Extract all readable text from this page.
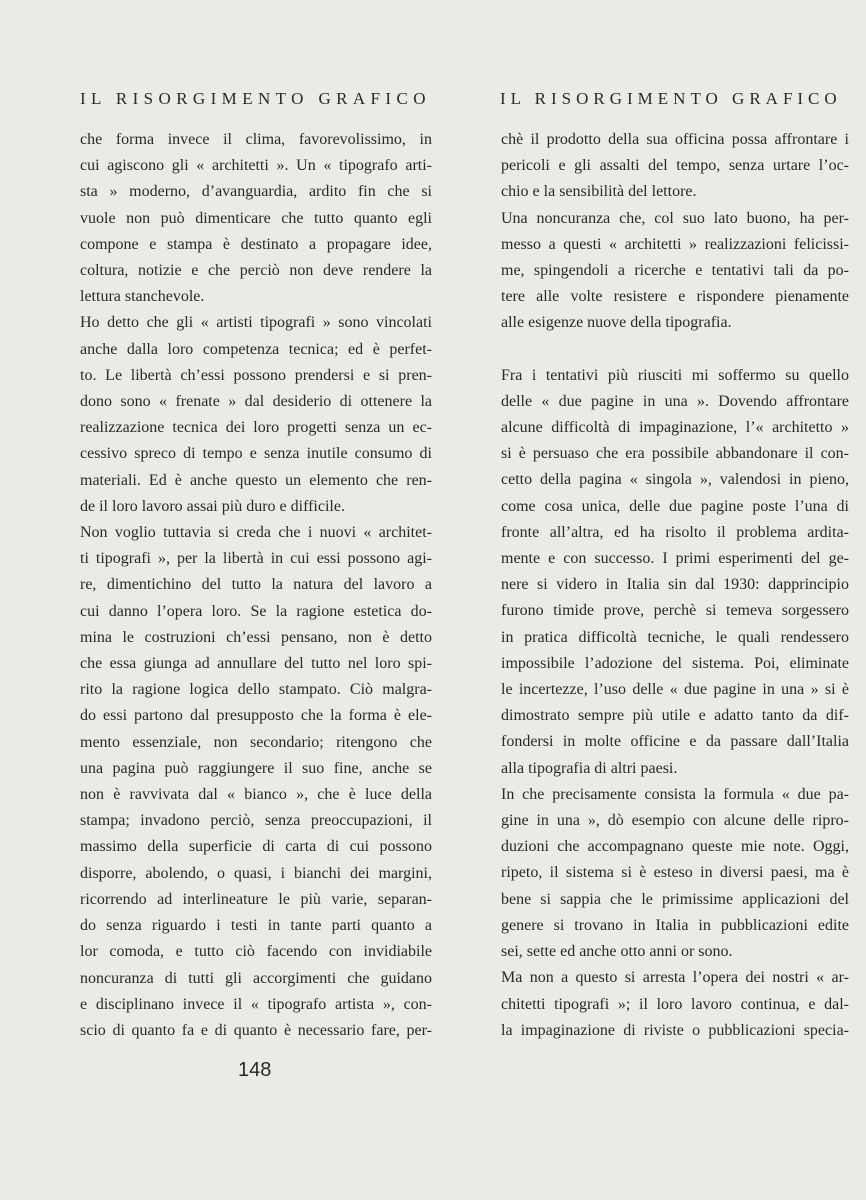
IL RISORGIMENTO GRAFICO	IL RISORGIMENTO GRAFICO
che forma invece il clima, favorevolissimo, in
cui agiscono gli « architetti ». Un « tipografo arti-
sta » moderno, d’avanguardia, ardito fin che si
vuole non può dimenticare che tutto quanto egli
compone e stampa è destinato a propagare idee,
coltura, notizie e che perciò non deve rendere la
lettura stanchevole.
Ho detto che gli « artisti tipografi » sono vincolati
anche dalla loro competenza tecnica; ed è perfet-
to. Le libertà ch’essi possono prendersi e si pren-
dono sono « frenate » dal desiderio di ottenere la
realizzazione tecnica dei loro progetti senza un ec-
cessivo spreco di tempo e senza inutile consumo di
materiali. Ed è anche questo un elemento che ren-
de il loro lavoro assai più duro e difficile.
Non voglio tuttavia si creda che i nuovi « architet-
ti tipografi », per la libertà in cui essi possono agi-
re, dimentichino del tutto la natura del lavoro a
cui danno l’opera loro. Se la ragione estetica do-
mina le costruzioni ch’essi pensano, non è detto
che essa giunga ad annullare del tutto nel loro spi-
rito la ragione logica dello stampato. Ciò malgra-
do essi partono dal presupposto che la forma è ele-
mento essenziale, non secondario; ritengono che
una pagina può raggiungere il suo fine, anche se
non è ravvivata dal « bianco », che è luce della
stampa; invadono perciò, senza preoccupazioni, il
massimo della superficie di carta di cui possono
disporre, abolendo, o quasi, i bianchi dei margini,
ricorrendo ad interlineature le più varie, separan-
do senza riguardo i testi in tante parti quanto a
lor comoda, e tutto ciò facendo con invidiabile
noncuranza di tutti gli accorgimenti che guidano
e disciplinano invece il « tipografo artista », con-
scio di quanto fa e di quanto è necessario fare, per-
chè il prodotto della sua officina possa affrontare i
pericoli e gli assalti del tempo, senza urtare l’oc-
chio e la sensibilità del lettore.
Una noncuranza che, col suo lato buono, ha per-
messo a questi « architetti » realizzazioni felicissi-
me, spingendoli a ricerche e tentativi tali da po-
tere alle volte resistere e rispondere pienamente
alle esigenze nuove della tipografia.
Fra i tentativi più riusciti mi soffermo su quello
delle « due pagine in una ». Dovendo affrontare
alcune difficoltà di impaginazione, l’« architetto »
si è persuaso che era possibile abbandonare il con-
cetto della pagina « singola », valendosi in pieno,
come cosa unica, delle due pagine poste l’una di
fronte all’altra, ed ha risolto il problema ardita-
mente e con successo. I primi esperimenti del ge-
nere si videro in Italia sin dal 1930: dapprincipio
furono timide prove, perchè si temeva sorgessero
in pratica difficoltà tecniche, le quali rendessero
impossibile l’adozione del sistema. Poi, eliminate
le incertezze, l’uso delle « due pagine in una » si è
dimostrato sempre più utile e adatto tanto da dif-
fondersi in molte officine e da passare dall’Italia
alla tipografia di altri paesi.
In che precisamente consista la formula « due pa-
gine in una », dò esempio con alcune delle ripro-
duzioni che accompagnano queste mie note. Oggi,
ripeto, il sistema si è esteso in diversi paesi, ma è
bene si sappia che le primissime applicazioni del
genere si trovano in Italia in pubblicazioni edite
sei, sette ed anche otto anni or sono.
Ma non a questo si arresta l’opera dei nostri « ar-
chitetti tipografi »; il loro lavoro continua, e dal-
la impaginazione di riviste o pubblicazioni specia-
148
